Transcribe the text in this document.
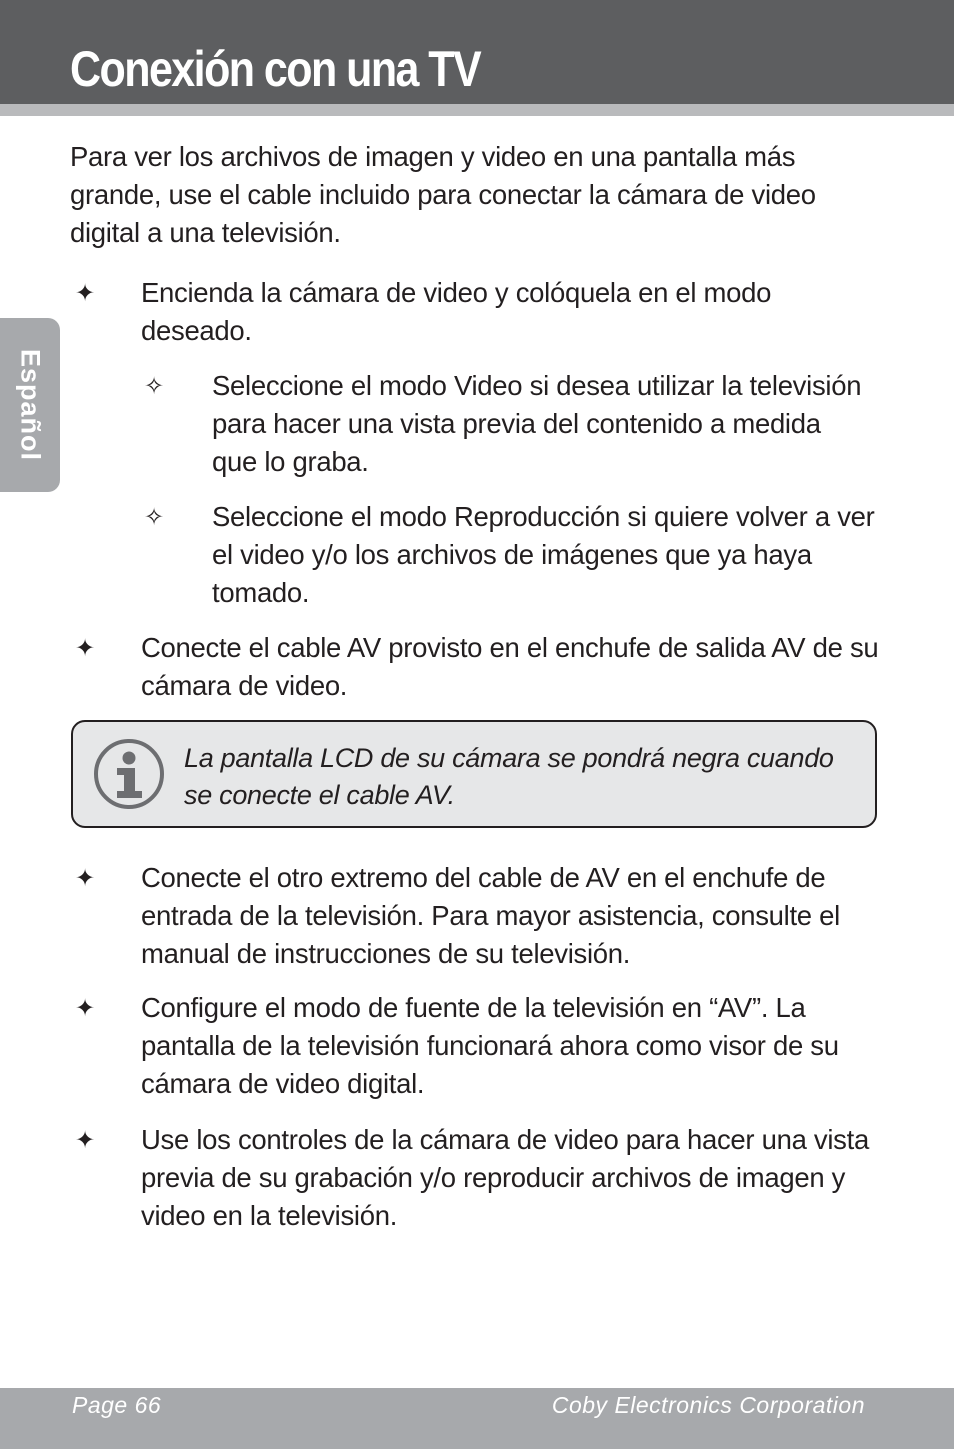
Conexión con una TV
Español

Para ver los archivos de imagen y video en una pantalla más grande, use el cable incluido para conectar la cámara de video digital a una televisión.

✦ Encienda la cámara de video y colóquela en el modo deseado.

✧ Seleccione el modo Video si desea utilizar la televisión para hacer una vista previa del contenido a medida que lo graba.

✧ Seleccione el modo Reproducción si quiere volver a ver el video y/o los archivos de imágenes que ya haya tomado.

✦ Conecte el cable AV provisto en el enchufe de salida AV de su cámara de video.

La pantalla LCD de su cámara se pondrá negra cuando se conecte el cable AV.

✦ Conecte el otro extremo del cable de AV en el enchufe de entrada de la televisión. Para mayor asistencia, consulte el manual de instrucciones de su televisión.

✦ Configure el modo de fuente de la televisión en “AV”. La pantalla de la televisión funcionará ahora como visor de su cámara de video digital.

✦ Use los controles de la cámara de video para hacer una vista previa de su grabación y/o reproducir archivos de imagen y video en la televisión.

Page 66	Coby Electronics Corporation
